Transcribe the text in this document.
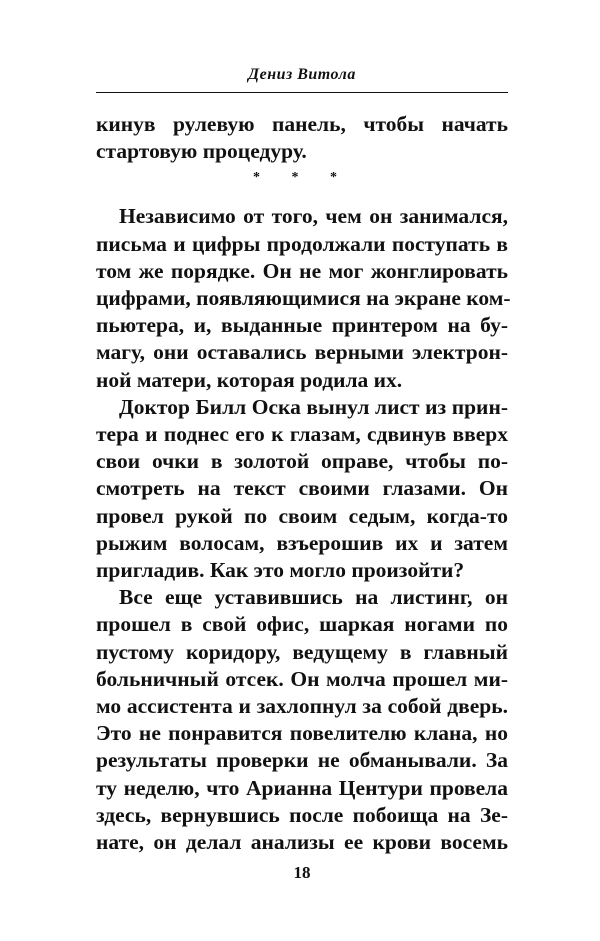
Дениз Витола
кинув рулевую панель, чтобы начать
стартовую процедуру.
* * *
Независимо от того, чем он занимался,
письма и цифры продолжали поступать в
том же порядке. Он не мог жонглировать
цифрами, появляющимися на экране ком-
пьютера, и, выданные принтером на бу-
магу, они оставались верными электрон-
ной матери, которая родила их.
Доктор Билл Оска вынул лист из прин-
тера и поднес его к глазам, сдвинув вверх
свои очки в золотой оправе, чтобы по-
смотреть на текст своими глазами. Он
провел рукой по своим седым, когда-то
рыжим волосам, взъерошив их и затем
пригладив. Как это могло произойти?
Все еще уставившись на листинг, он
прошел в свой офис, шаркая ногами по
пустому коридору, ведущему в главный
больничный отсек. Он молча прошел ми-
мо ассистента и захлопнул за собой дверь.
Это не понравится повелителю клана, но
результаты проверки не обманывали. За
ту неделю, что Арианна Центури провела
здесь, вернувшись после побоища на Зе-
нате, он делал анализы ее крови восемь
18
